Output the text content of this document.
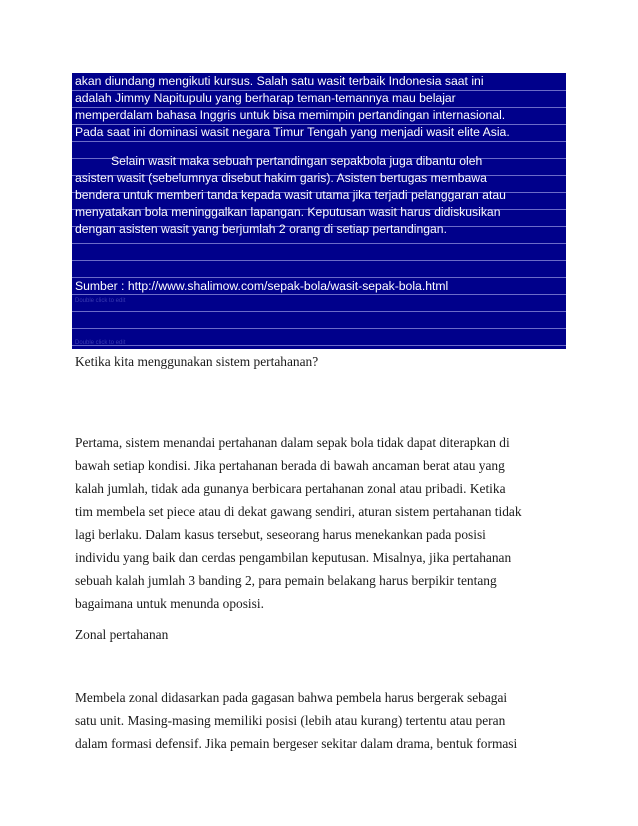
akan diundang mengikuti kursus. Salah satu wasit terbaik Indonesia saat ini
adalah Jimmy Napitupulu yang berharap teman-temannya mau belajar
memperdalam bahasa Inggris untuk bisa memimpin pertandingan internasional.
Pada saat ini dominasi wasit negara Timur Tengah yang menjadi wasit elite Asia.
Selain wasit maka sebuah pertandingan sepakbola juga dibantu oleh
asisten wasit (sebelumnya disebut hakim garis). Asisten bertugas membawa
bendera untuk memberi tanda kepada wasit utama jika terjadi pelanggaran atau
menyatakan bola meninggalkan lapangan. Keputusan wasit harus didiskusikan
dengan asisten wasit yang berjumlah 2 orang di setiap pertandingan.
Sumber : http://www.shalimow.com/sepak-bola/wasit-sepak-bola.html
Double click to edit
Double click to edit
Ketika kita menggunakan sistem pertahanan?
Pertama, sistem menandai pertahanan dalam sepak bola tidak dapat diterapkan di
bawah setiap kondisi. Jika pertahanan berada di bawah ancaman berat atau yang
kalah jumlah, tidak ada gunanya berbicara pertahanan zonal atau pribadi. Ketika
tim membela set piece atau di dekat gawang sendiri, aturan sistem pertahanan tidak
lagi berlaku. Dalam kasus tersebut, seseorang harus menekankan pada posisi
individu yang baik dan cerdas pengambilan keputusan. Misalnya, jika pertahanan
sebuah kalah jumlah 3 banding 2, para pemain belakang harus berpikir tentang
bagaimana untuk menunda oposisi.
Zonal pertahanan
Membela zonal didasarkan pada gagasan bahwa pembela harus bergerak sebagai
satu unit. Masing-masing memiliki posisi (lebih atau kurang) tertentu atau peran
dalam formasi defensif. Jika pemain bergeser sekitar dalam drama, bentuk formasi
